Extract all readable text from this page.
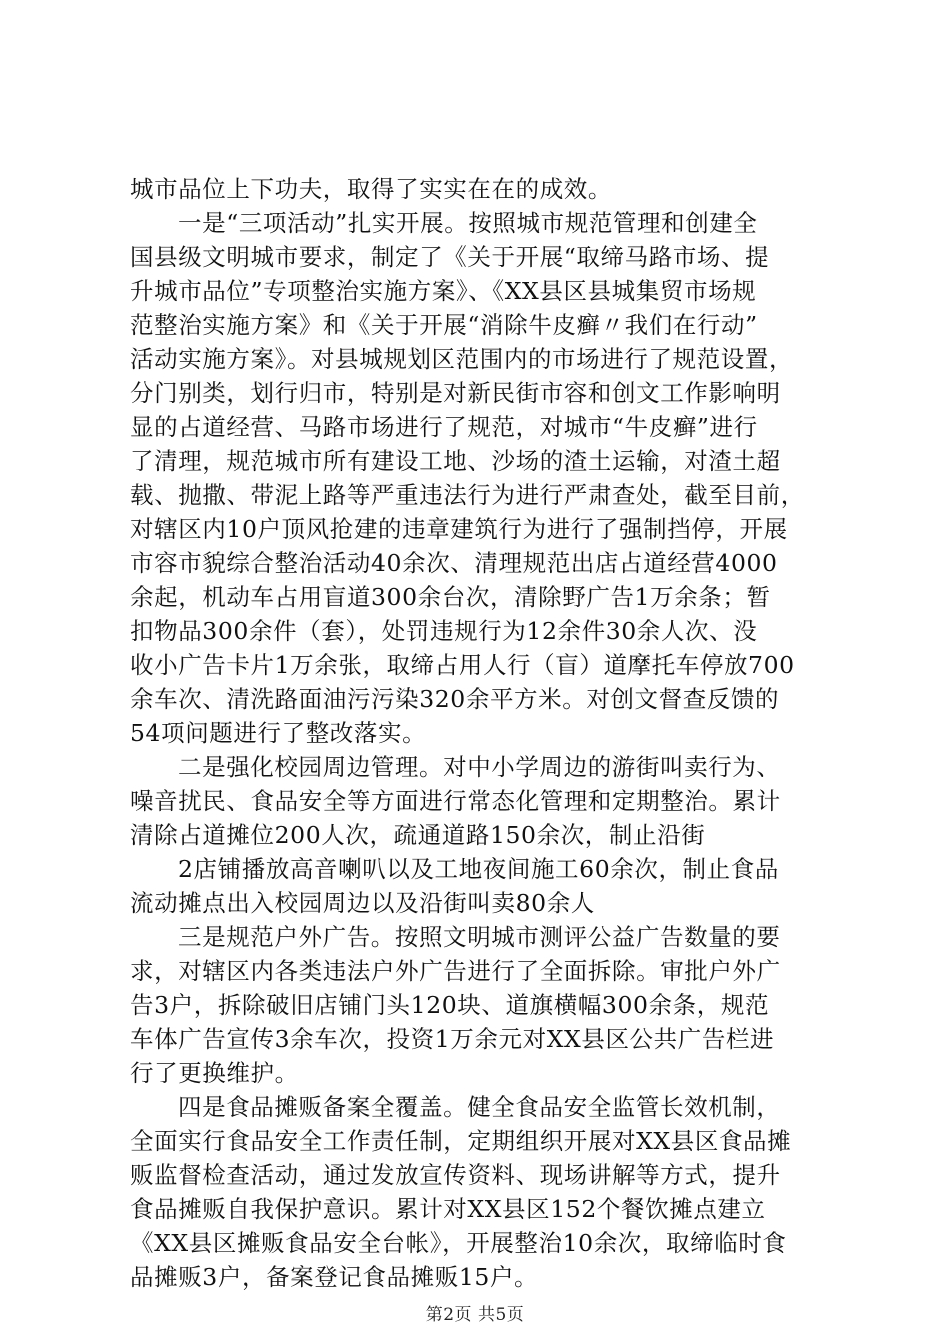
城市品位上下功夫，取得了实实在在的成效。
一是“三项活动”扎实开展。按照城市规范管理和创建全
国县级文明城市要求，制定了《关于开展“取缔马路市场、提
升城市品位”专项整治实施方案》、《XX县区县城集贸市场规
范整治实施方案》和《关于开展“消除牛皮癣〃我们在行动”
活动实施方案》。对县城规划区范围内的市场进行了规范设置，
分门别类，划行归市，特别是对新民街市容和创文工作影响明
显的占道经营、马路市场进行了规范，对城市“牛皮癣”进行
了清理，规范城市所有建设工地、沙场的渣土运输，对渣土超
载、抛撒、带泥上路等严重违法行为进行严肃查处，截至目前，
对辖区内10户顶风抢建的违章建筑行为进行了强制挡停，开展
市容市貌综合整治活动40余次、清理规范出店占道经营4000
余起，机动车占用盲道300余台次，清除野广告1万余条；暂
扣物品300余件（套），处罚违规行为12余件30余人次、没
收小广告卡片1万余张，取缔占用人行（盲）道摩托车停放700
余车次、清洗路面油污污染320余平方米。对创文督查反馈的
54项问题进行了整改落实。
二是强化校园周边管理。对中小学周边的游街叫卖行为、
噪音扰民、食品安全等方面进行常态化管理和定期整治。累计
清除占道摊位200人次，疏通道路150余次，制止沿街
2店铺播放高音喇叭以及工地夜间施工60余次，制止食品
流动摊点出入校园周边以及沿街叫卖80余人
三是规范户外广告。按照文明城市测评公益广告数量的要
求，对辖区内各类违法户外广告进行了全面拆除。审批户外广
告3户，拆除破旧店铺门头120块、道旗横幅300余条，规范
车体广告宣传3余车次，投资1万余元对XX县区公共广告栏进
行了更换维护。
四是食品摊贩备案全覆盖。健全食品安全监管长效机制，
全面实行食品安全工作责任制，定期组织开展对XX县区食品摊
贩监督检查活动，通过发放宣传资料、现场讲解等方式，提升
食品摊贩自我保护意识。累计对XX县区152个餐饮摊点建立
《XX县区摊贩食品安全台帐》，开展整治10余次，取缔临时食
品摊贩3户，备案登记食品摊贩15户。
第2页 共5页
